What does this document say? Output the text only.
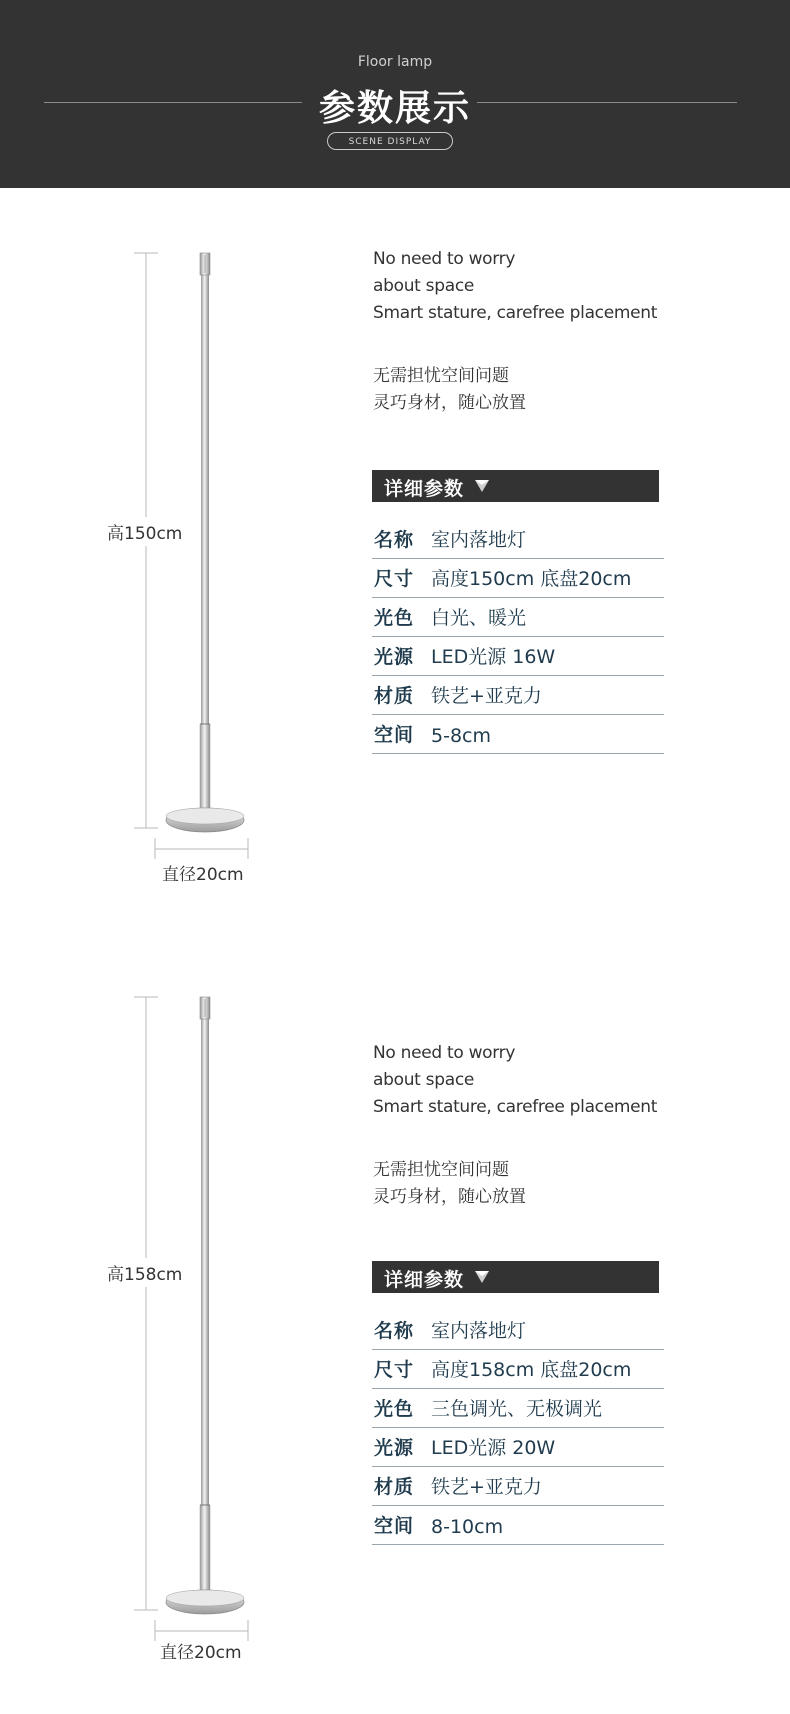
Floor lamp
参数展示
SCENE DISPLAY
高150cm
直径20cm
No need to worry
about space
Smart stature, carefree placement
无需担忧空间问题
灵巧身材，随心放置
详细参数
名称 室内落地灯
尺寸 高度150cm 底盘20cm
光色 白光、暖光
光源 LED光源 16W
材质 铁艺+亚克力
空间 5-8cm
高158cm
直径20cm
No need to worry
about space
Smart stature, carefree placement
无需担忧空间问题
灵巧身材，随心放置
详细参数
名称 室内落地灯
尺寸 高度158cm 底盘20cm
光色 三色调光、无极调光
光源 LED光源 20W
材质 铁艺+亚克力
空间 8-10cm
